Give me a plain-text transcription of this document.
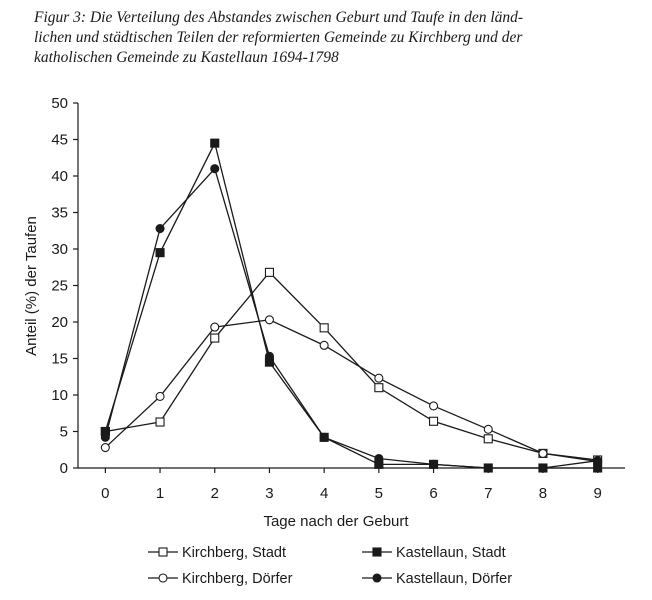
Figur 3: Die Verteilung des Abstandes zwischen Geburt und Taufe in den länd-
lichen und städtischen Teilen der reformierten Gemeinde zu Kirchberg und der
katholischen Gemeinde zu Kastellaun 1694-1798
0
5
10
15
20
25
30
35
40
45
50
0	1	2	3	4	5	6	7	8	9
Tage nach der Geburt
Anteil (%) der Taufen
Kirchberg, Stadt	Kastellaun, Stadt
Kirchberg, Dörfer	Kastellaun, Dörfer
